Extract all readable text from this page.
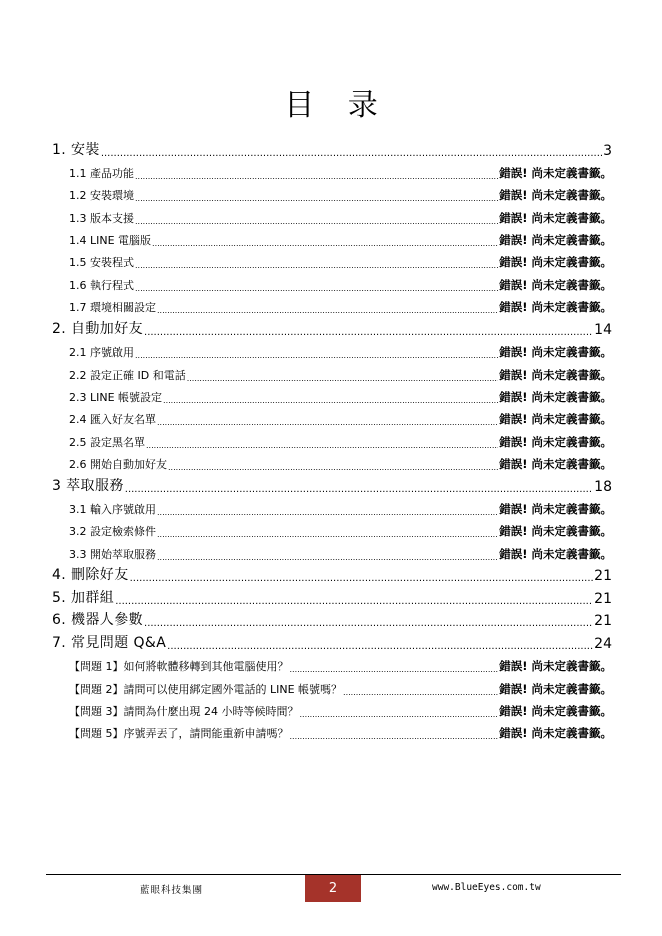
目 录
1. 安裝 .....	3
1.1 產品功能 .....	錯誤! 尚未定義書籤。
1.2 安裝環境 .....	錯誤! 尚未定義書籤。
1.3 版本支援 .....	錯誤! 尚未定義書籤。
1.4 LINE 電腦版 .....	錯誤! 尚未定義書籤。
1.5 安裝程式 .....	錯誤! 尚未定義書籤。
1.6 執行程式 .....	錯誤! 尚未定義書籤。
1.7 環境相關設定 .....	錯誤! 尚未定義書籤。
2. 自動加好友 .....	14
2.1 序號啟用 .....	錯誤! 尚未定義書籤。
2.2 設定正確 ID 和電話 .....	錯誤! 尚未定義書籤。
2.3 LINE 帳號設定 .....	錯誤! 尚未定義書籤。
2.4 匯入好友名單 .....	錯誤! 尚未定義書籤。
2.5 設定黑名單 .....	錯誤! 尚未定義書籤。
2.6 開始自動加好友 .....	錯誤! 尚未定義書籤。
3 萃取服務 .....	18
3.1 輸入序號啟用 .....	錯誤! 尚未定義書籤。
3.2 設定檢索條件 .....	錯誤! 尚未定義書籤。
3.3 開始萃取服務 .....	錯誤! 尚未定義書籤。
4. 刪除好友 .....	21
5. 加群組 .....	21
6. 機器人參數 .....	21
7. 常見問題 Q&A .....	24
【問題 1】如何將軟體移轉到其他電腦使用？ .....	錯誤! 尚未定義書籤。
【問題 2】請問可以使用綁定國外電話的 LINE 帳號嗎？ .....	錯誤! 尚未定義書籤。
【問題 3】請問為什麼出現 24 小時等候時間？ .....	錯誤! 尚未定義書籤。
【問題 5】序號弄丟了，請問能重新申請嗎？ .....	錯誤! 尚未定義書籤。
藍眼科技集團	2	www.BlueEyes.com.tw
